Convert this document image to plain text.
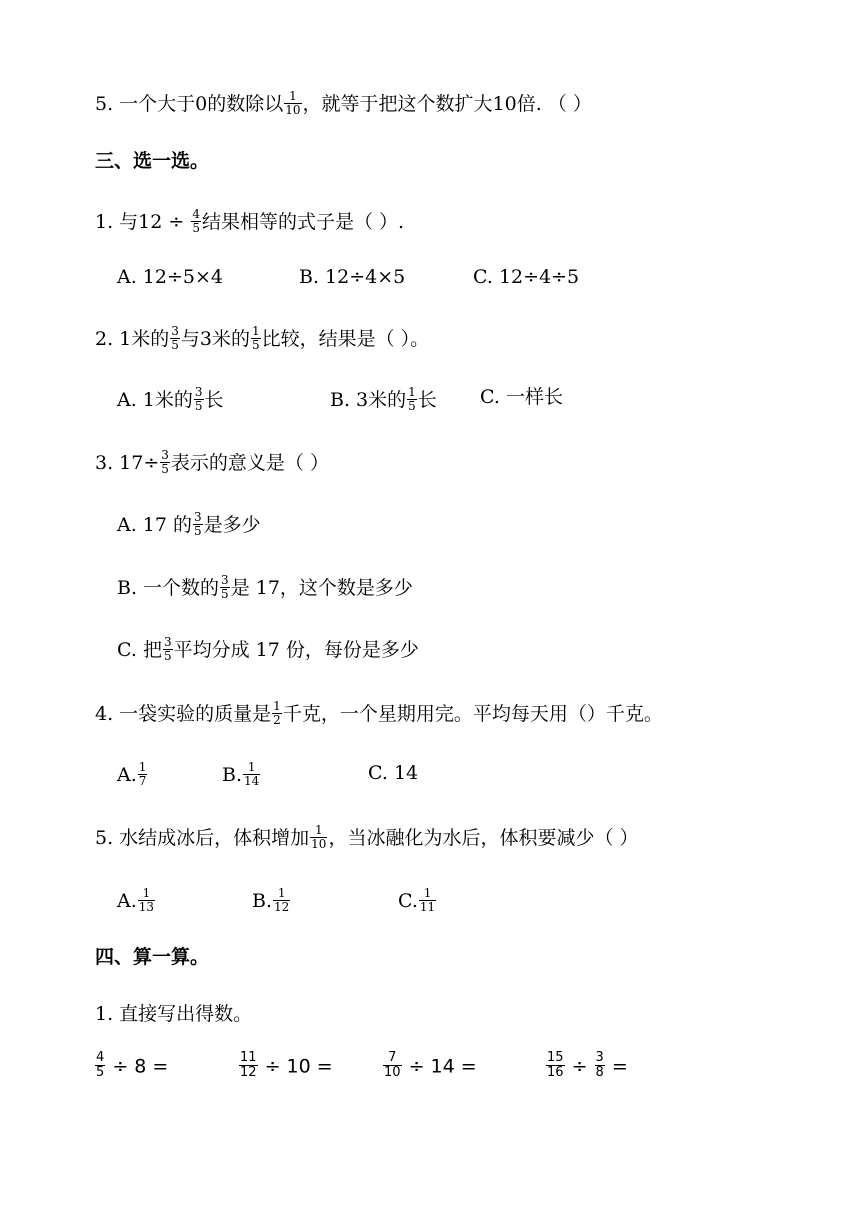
5. 一个大于0的数除以 $\frac{1}{10}$ ，就等于把这个数扩大10倍. （ ）
三、选一选。
1. 与$12 \div \frac{4}{5}$ 结果相等的式子是（ ）.
A. 12÷5×4	B. 12÷4×5	C. 12÷4÷5
2. 1米的 $\frac{3}{5}$ 与3米的 $\frac{1}{5}$ 比较，结果是（ ）。
A. 1米的 $\frac{3}{5}$ 长	B. 3米的 $\frac{1}{5}$ 长 C. 一样长
3. $17\div \frac{3}{5}$ 表示的意义是（ ）
A. 17 的 $\frac{3}{5}$ 是多少
B. 一个数的 $\frac{3}{5}$ 是 17，这个数是多少
C. 把 $\frac{3}{5}$ 平均分成 17 份，每份是多少
4. 一袋实验的质量是 $\frac{1}{2}$ 千克，一个星期用完。平均每天用（）千克。
A. $\frac{1}{7}$	B. $\frac{1}{14}$	C. 14
5. 水结成冰后，体积增加 $\frac{1}{10}$ ，当冰融化为水后，体积要减少（ ）
A. $\frac{1}{13}$	B. $\frac{1}{12}$	C. $\frac{1}{11}$
四、算一算。
1. 直接写出得数。
$\frac{4}{5} \div 8$ =	$\frac{11}{12} \div 10$ =	$\frac{7}{10} \div 14$ =	$\frac{15}{16} \div \frac{3}{8}$ =
